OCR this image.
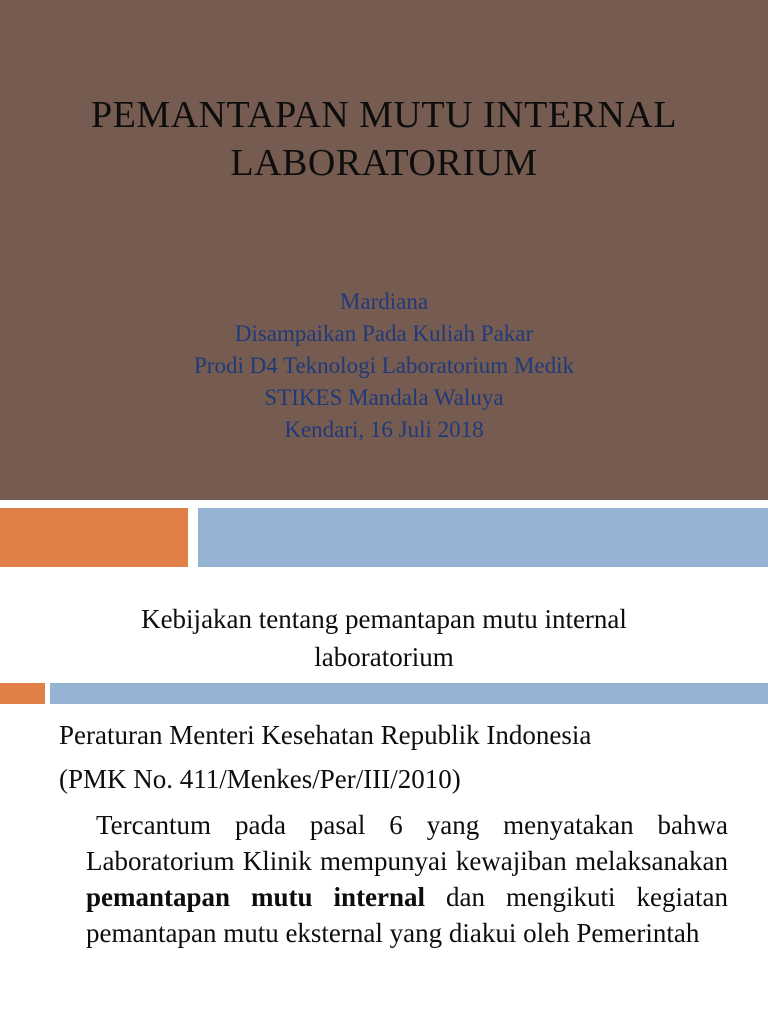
PEMANTAPAN MUTU INTERNAL
LABORATORIUM
Mardiana
Disampaikan Pada Kuliah Pakar
Prodi D4 Teknologi Laboratorium Medik
STIKES Mandala Waluya
Kendari, 16 Juli 2018
Kebijakan tentang pemantapan mutu internal
laboratorium
Peraturan Menteri Kesehatan Republik Indonesia
(PMK No. 411/Menkes/Per/III/2010)
Tercantum pada pasal 6 yang menyatakan bahwa Laboratorium Klinik mempunyai kewajiban melaksanakan pemantapan mutu internal dan mengikuti kegiatan pemantapan mutu eksternal yang diakui oleh Pemerintah
